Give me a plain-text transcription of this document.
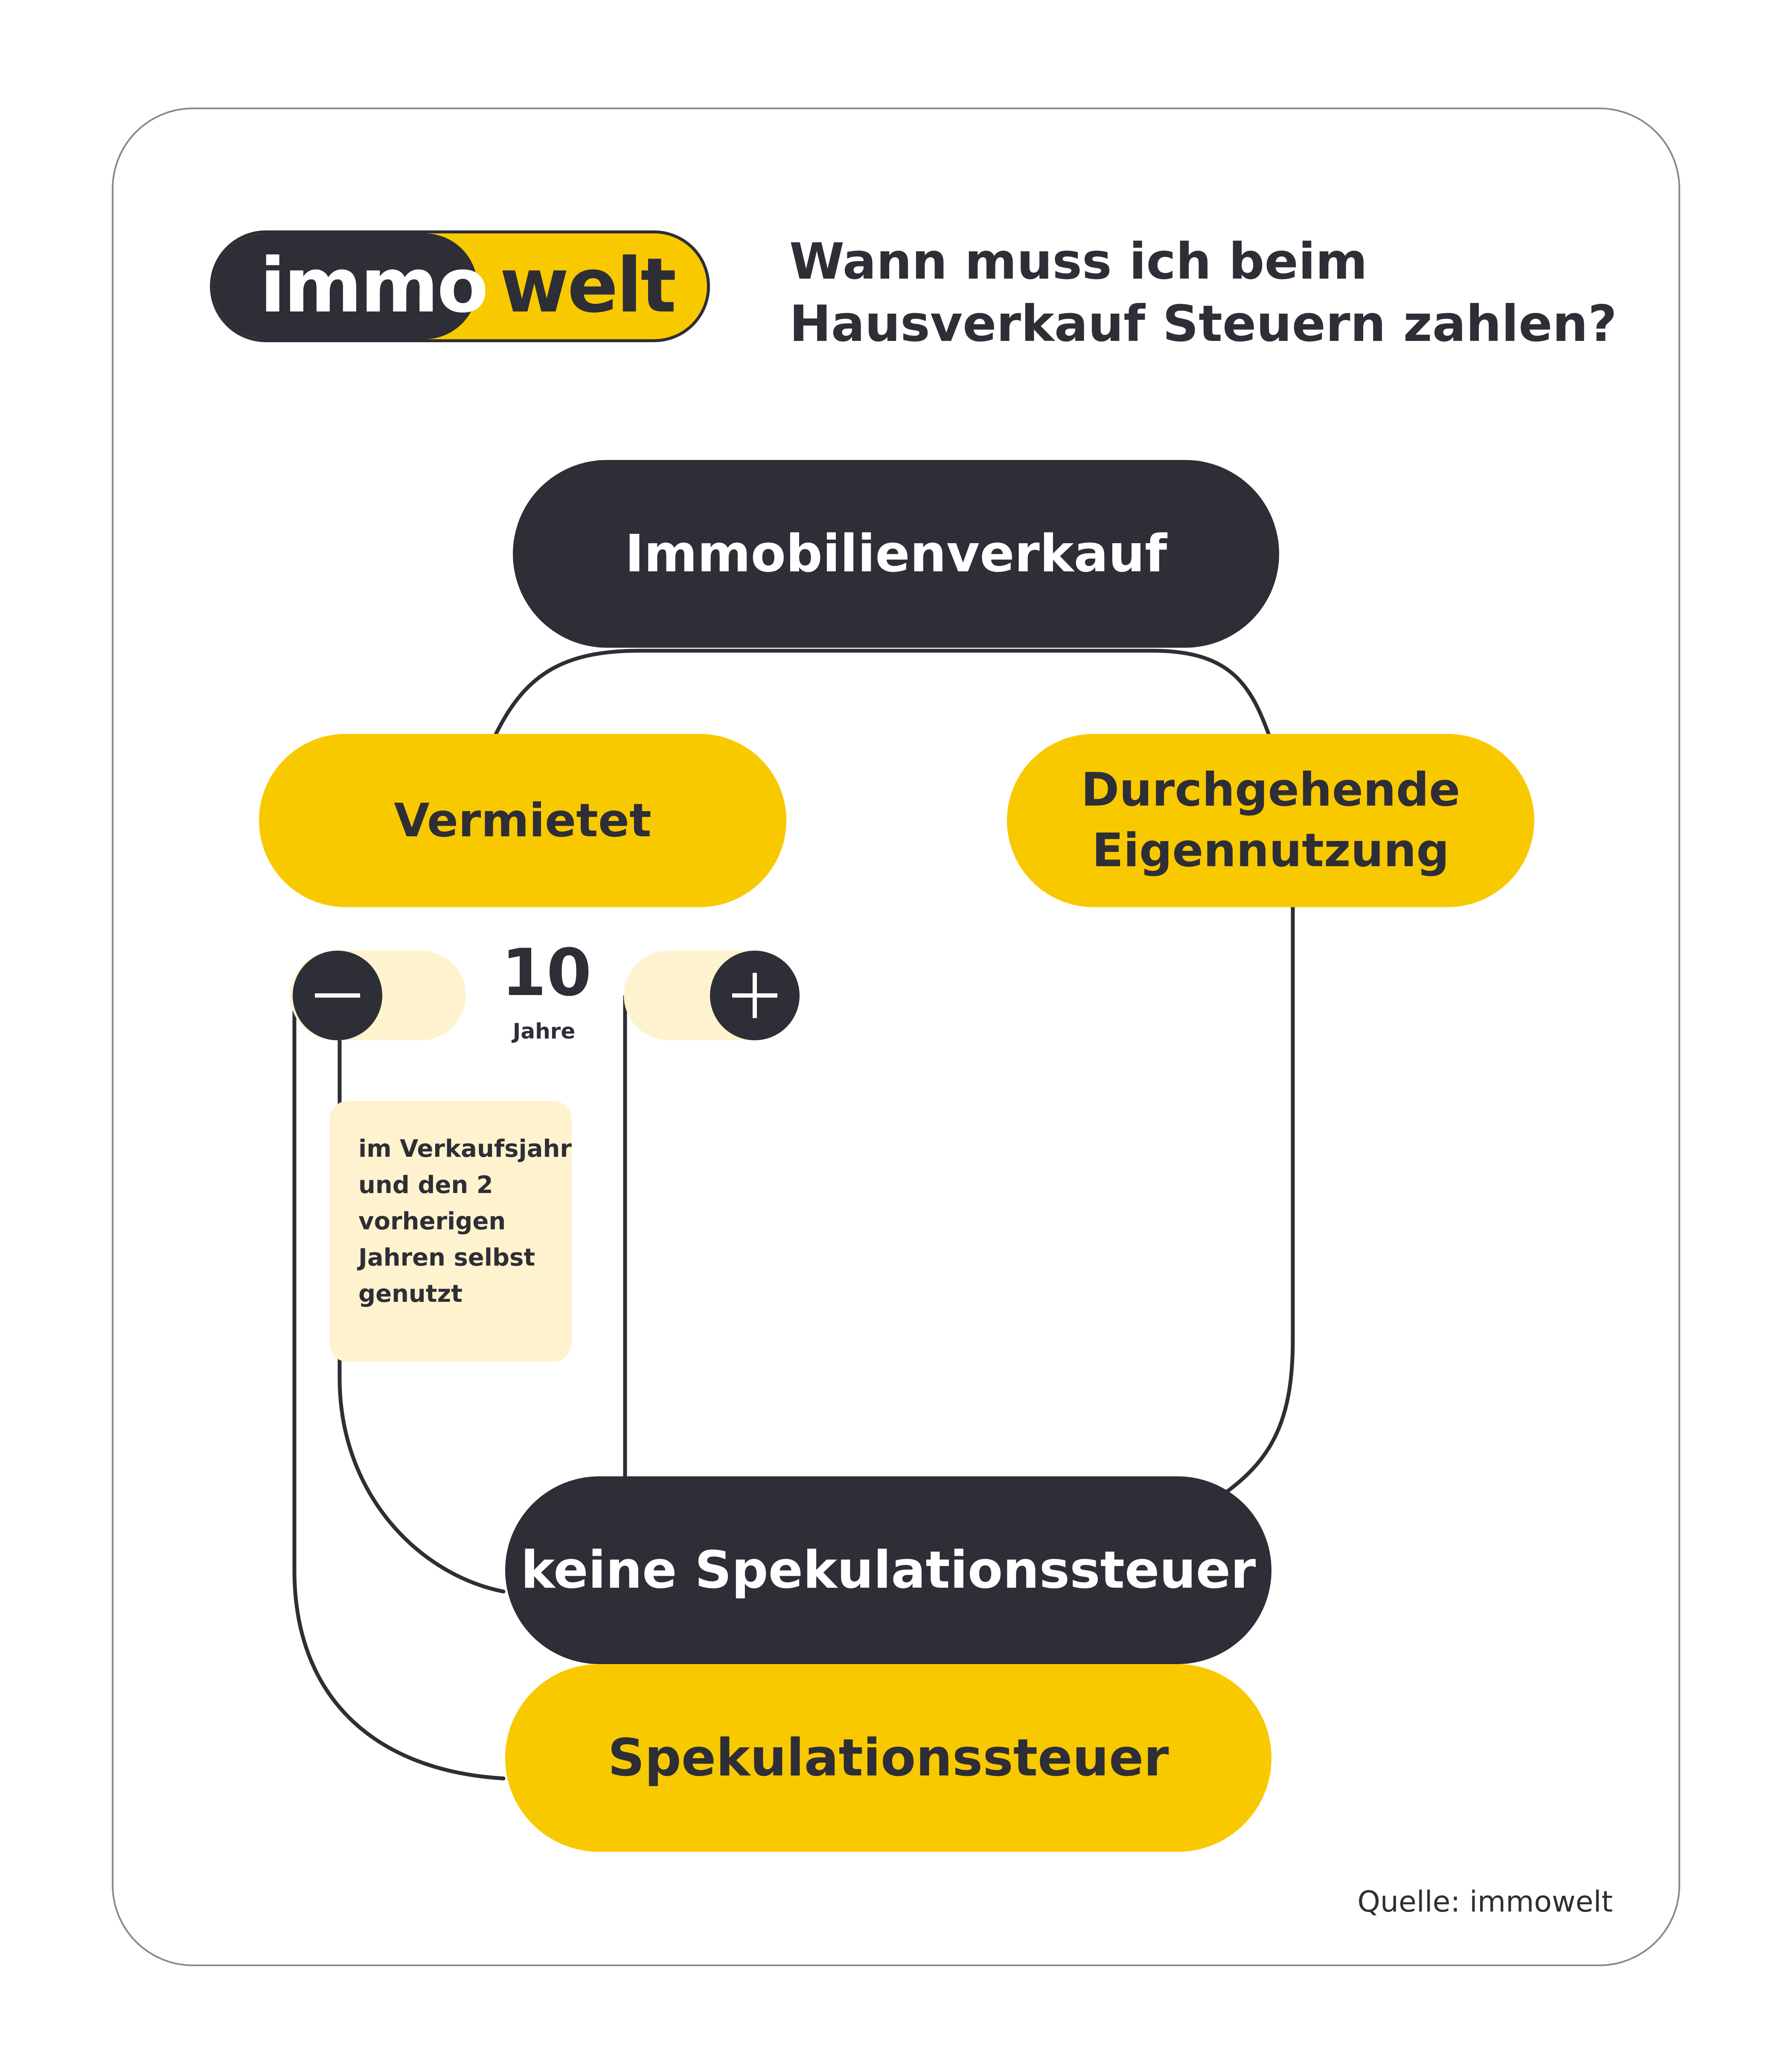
immo welt Wann muss ich beim
Hausverkauf Steuern zahlen?
Immobilienverkauf
Vermietet
Durchgehende
Eigennutzung
10
Jahre
im Verkaufsjahr
und den 2
vorherigen
Jahren selbst
genutzt
keine Spekulationssteuer
Spekulationssteuer
Quelle: immowelt
